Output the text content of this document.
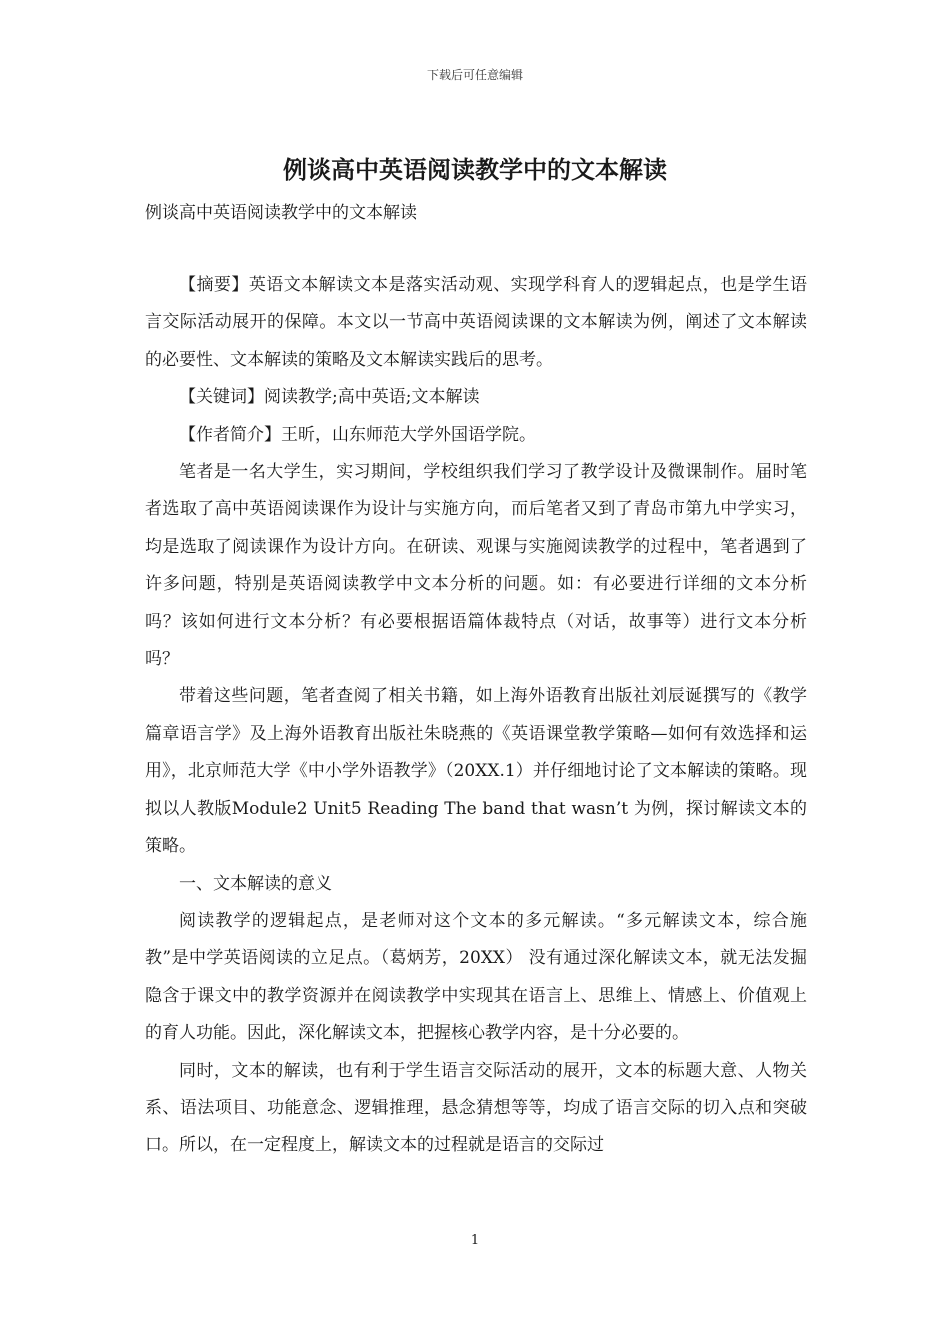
下载后可任意编辑
例谈高中英语阅读教学中的文本解读
例谈高中英语阅读教学中的文本解读

【摘要】英语文本解读文本是落实活动观、实现学科育人的逻辑起点，也是学生语言交际活动展开的保障。本文以一节高中英语阅读课的文本解读为例，阐述了文本解读的必要性、文本解读的策略及文本解读实践后的思考。

【关键词】阅读教学;高中英语;文本解读

【作者简介】王昕，山东师范大学外国语学院。

笔者是一名大学生，实习期间，学校组织我们学习了教学设计及微课制作。届时笔者选取了高中英语阅读课作为设计与实施方向，而后笔者又到了青岛市第九中学实习，均是选取了阅读课作为设计方向。在研读、观课与实施阅读教学的过程中，笔者遇到了许多问题，特别是英语阅读教学中文本分析的问题。如：有必要进行详细的文本分析吗？该如何进行文本分析？有必要根据语篇体裁特点（对话，故事等）进行文本分析吗？

带着这些问题，笔者查阅了相关书籍，如上海外语教育出版社刘辰诞撰写的《教学篇章语言学》及上海外语教育出版社朱晓燕的《英语课堂教学策略—如何有效选择和运用》，北京师范大学《中小学外语教学》（20XX.1）并仔细地讨论了文本解读的策略。现拟以人教版Module2 Unit5 Reading The band that wasn’t 为例，探讨解读文本的策略。

一、文本解读的意义

阅读教学的逻辑起点，是老师对这个文本的多元解读。“多元解读文本，综合施教”是中学英语阅读的立足点。（葛炳芳，20XX） 没有通过深化解读文本，就无法发掘隐含于课文中的教学资源并在阅读教学中实现其在语言上、思维上、情感上、价值观上的育人功能。因此，深化解读文本，把握核心教学内容，是十分必要的。

同时，文本的解读，也有利于学生语言交际活动的展开，文本的标题大意、人物关系、语法项目、功能意念、逻辑推理，悬念猜想等等，均成了语言交际的切入点和突破口。所以，在一定程度上，解读文本的过程就是语言的交际过

1
